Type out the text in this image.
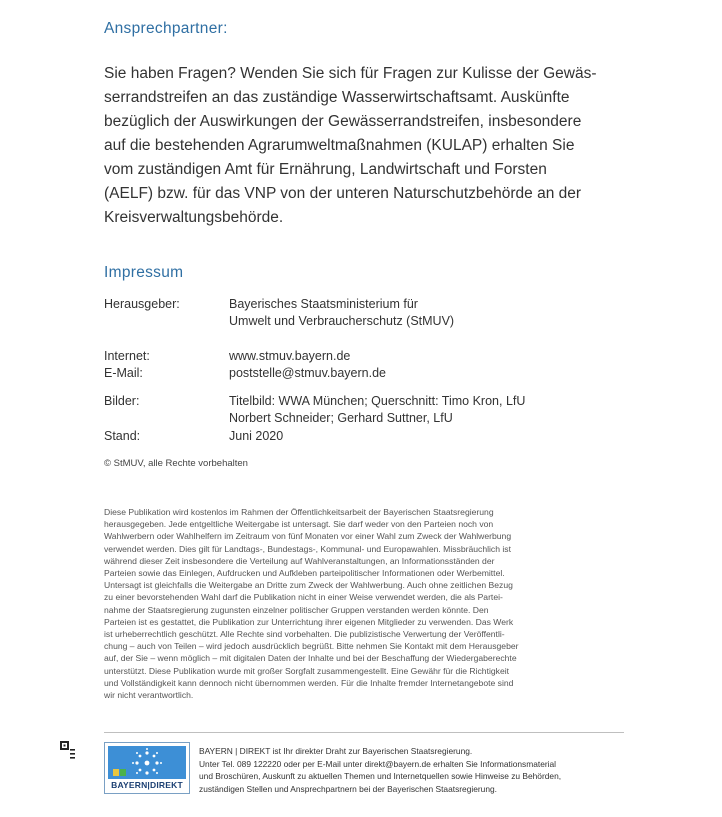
Ansprechpartner:
Sie haben Fragen? Wenden Sie sich für Fragen zur Kulisse der Gewäs-
serrandstreifen an das zuständige Wasserwirtschaftsamt. Auskünfte
bezüglich der Auswirkungen der Gewässerrandstreifen, insbesondere
auf die bestehenden Agrarumweltmaßnahmen (KULAP) erhalten Sie
vom zuständigen Amt für Ernährung, Landwirtschaft und Forsten
(AELF) bzw. für das VNP von der unteren Naturschutzbehörde an der
Kreisverwaltungsbehörde.
Impressum
Herausgeber:	Bayerisches Staatsministerium für
Umwelt und Verbraucherschutz (StMUV)
Internet:	www.stmuv.bayern.de
E-Mail:	poststelle@stmuv.bayern.de
Bilder:	Titelbild: WWA München; Querschnitt: Timo Kron, LfU
Norbert Schneider; Gerhard Suttner, LfU
Stand:	Juni 2020
© StMUV, alle Rechte vorbehalten
Diese Publikation wird kostenlos im Rahmen der Öffentlichkeitsarbeit der Bayerischen Staatsregierung
herausgegeben. Jede entgeltliche Weitergabe ist untersagt. Sie darf weder von den Parteien noch von
Wahlwerbern oder Wahlhelfern im Zeitraum von fünf Monaten vor einer Wahl zum Zweck der Wahlwerbung
verwendet werden. Dies gilt für Landtags-, Bundestags-, Kommunal- und Europawahlen. Missbräuchlich ist
während dieser Zeit insbesondere die Verteilung auf Wahlveranstaltungen, an Informationsständen der
Parteien sowie das Einlegen, Aufdrucken und Aufkleben parteipolitischer Informationen oder Werbemittel.
Untersagt ist gleichfalls die Weitergabe an Dritte zum Zweck der Wahlwerbung. Auch ohne zeitlichen Bezug
zu einer bevorstehenden Wahl darf die Publikation nicht in einer Weise verwendet werden, die als Partei-
nahme der Staatsregierung zugunsten einzelner politischer Gruppen verstanden werden könnte. Den
Parteien ist es gestattet, die Publikation zur Unterrichtung ihrer eigenen Mitglieder zu verwenden. Das Werk
ist urheberrechtlich geschützt. Alle Rechte sind vorbehalten. Die publizistische Verwertung der Veröffentli-
chung – auch von Teilen – wird jedoch ausdrücklich begrüßt. Bitte nehmen Sie Kontakt mit dem Herausgeber
auf, der Sie – wenn möglich – mit digitalen Daten der Inhalte und bei der Beschaffung der Wiedergaberechte
unterstützt. Diese Publikation wurde mit großer Sorgfalt zusammengestellt. Eine Gewähr für die Richtigkeit
und Vollständigkeit kann dennoch nicht übernommen werden. Für die Inhalte fremder Internetangebote sind
wir nicht verantwortlich.
BAYERN|DIREKT
BAYERN | DIREKT ist Ihr direkter Draht zur Bayerischen Staatsregierung.
Unter Tel. 089 122220 oder per E-Mail unter direkt@bayern.de erhalten Sie Informationsmaterial
und Broschüren, Auskunft zu aktuellen Themen und Internetquellen sowie Hinweise zu Behörden,
zuständigen Stellen und Ansprechpartnern bei der Bayerischen Staatsregierung.
